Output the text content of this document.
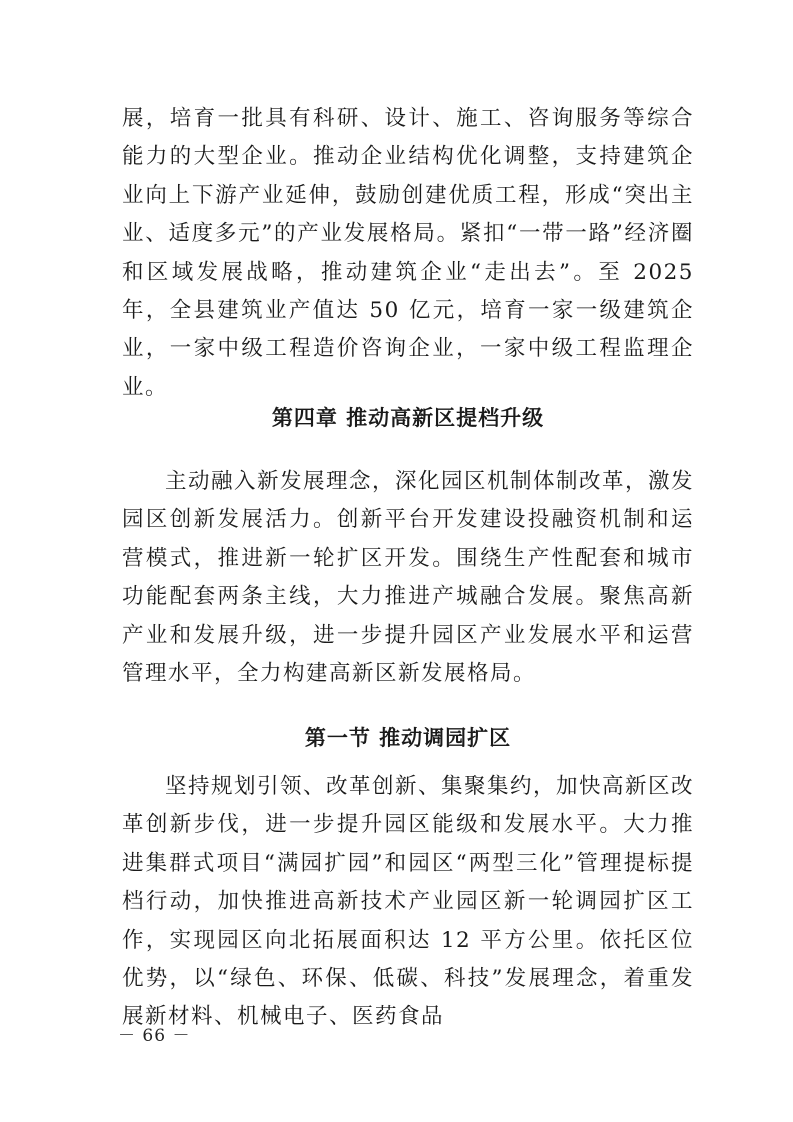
展，培育一批具有科研、设计、施工、咨询服务等综合能力的大型企业。推动企业结构优化调整，支持建筑企业向上下游产业延伸，鼓励创建优质工程，形成“突出主业、适度多元”的产业发展格局。紧扣“一带一路”经济圈和区域发展战略，推动建筑企业“走出去”。至 2025 年，全县建筑业产值达 50 亿元，培育一家一级建筑企业，一家中级工程造价咨询企业，一家中级工程监理企业。

第四章 推动高新区提档升级

主动融入新发展理念，深化园区机制体制改革，激发园区创新发展活力。创新平台开发建设投融资机制和运营模式，推进新一轮扩区开发。围绕生产性配套和城市功能配套两条主线，大力推进产城融合发展。聚焦高新产业和发展升级，进一步提升园区产业发展水平和运营管理水平，全力构建高新区新发展格局。

第一节 推动调园扩区

坚持规划引领、改革创新、集聚集约，加快高新区改革创新步伐，进一步提升园区能级和发展水平。大力推进集群式项目“满园扩园”和园区“两型三化”管理提标提档行动，加快推进高新技术产业园区新一轮调园扩区工作，实现园区向北拓展面积达 12 平方公里。依托区位优势，以“绿色、环保、低碳、科技”发展理念，着重发展新材料、机械电子、医药食品

－ 66 －
